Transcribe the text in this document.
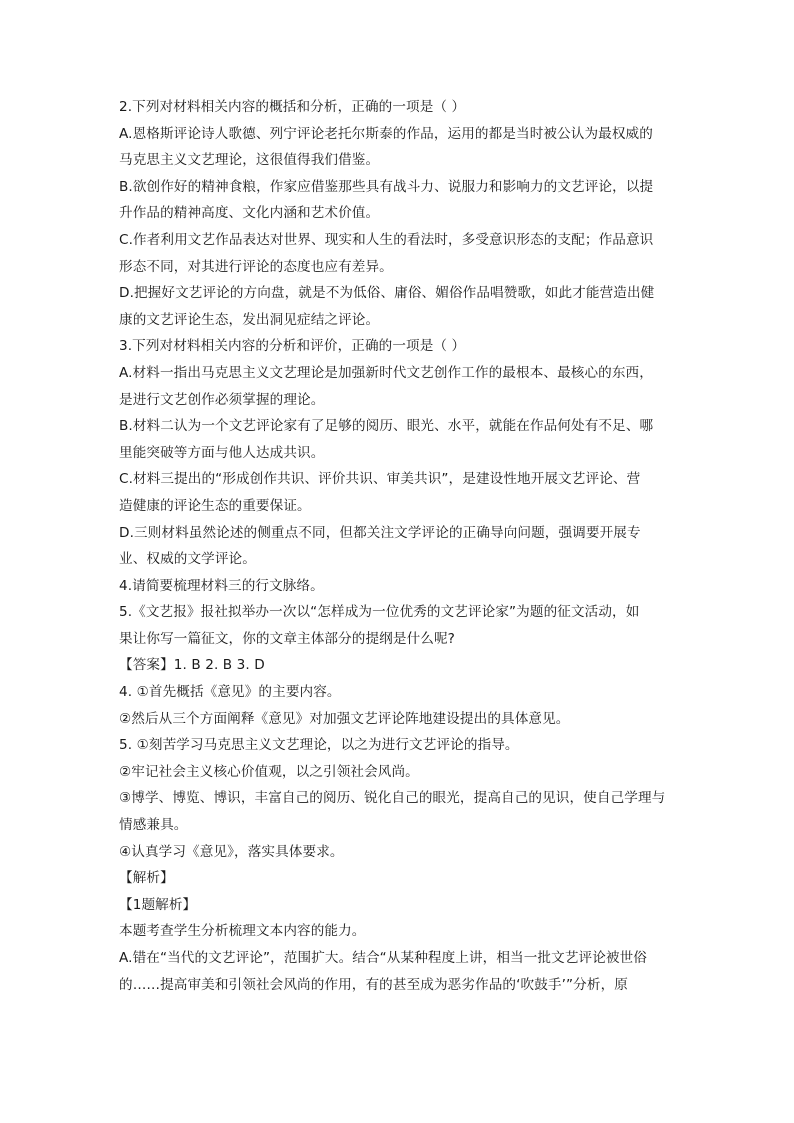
2.下列对材料相关内容的概括和分析，正确的一项是（ ）
A.恩格斯评论诗人歌德、列宁评论老托尔斯泰的作品，运用的都是当时被公认为最权威的
马克思主义文艺理论，这很值得我们借鉴。
B.欲创作好的精神食粮，作家应借鉴那些具有战斗力、说服力和影响力的文艺评论，以提
升作品的精神高度、文化内涵和艺术价值。
C.作者利用文艺作品表达对世界、现实和人生的看法时，多受意识形态的支配；作品意识
形态不同，对其进行评论的态度也应有差异。
D.把握好文艺评论的方向盘，就是不为低俗、庸俗、媚俗作品唱赞歌，如此才能营造出健
康的文艺评论生态，发出洞见症结之评论。
3.下列对材料相关内容的分析和评价，正确的一项是（ ）
A.材料一指出马克思主义文艺理论是加强新时代文艺创作工作的最根本、最核心的东西，
是进行文艺创作必须掌握的理论。
B.材料二认为一个文艺评论家有了足够的阅历、眼光、水平，就能在作品何处有不足、哪
里能突破等方面与他人达成共识。
C.材料三提出的“形成创作共识、评价共识、审美共识”，是建设性地开展文艺评论、营
造健康的评论生态的重要保证。
D.三则材料虽然论述的侧重点不同，但都关注文学评论的正确导向问题，强调要开展专
业、权威的文学评论。
4.请简要梳理材料三的行文脉络。
5.《文艺报》报社拟举办一次以“怎样成为一位优秀的文艺评论家”为题的征文活动，如
果让你写一篇征文，你的文章主体部分的提纲是什么呢?
【答案】1. B 2. B 3. D
4. ①首先概括《意见》的主要内容。
②然后从三个方面阐释《意见》对加强文艺评论阵地建设提出的具体意见。
5. ①刻苦学习马克思主义文艺理论，以之为进行文艺评论的指导。
②牢记社会主义核心价值观，以之引领社会风尚。
③博学、博览、博识，丰富自己的阅历、锐化自己的眼光，提高自己的见识，使自己学理与
情感兼具。
④认真学习《意见》，落实具体要求。
【解析】
【1题解析】
本题考查学生分析梳理文本内容的能力。
A.错在“当代的文艺评论”，范围扩大。结合“从某种程度上讲，相当一批文艺评论被世俗
的……提高审美和引领社会风尚的作用，有的甚至成为恶劣作品的‘吹鼓手’”分析，原
